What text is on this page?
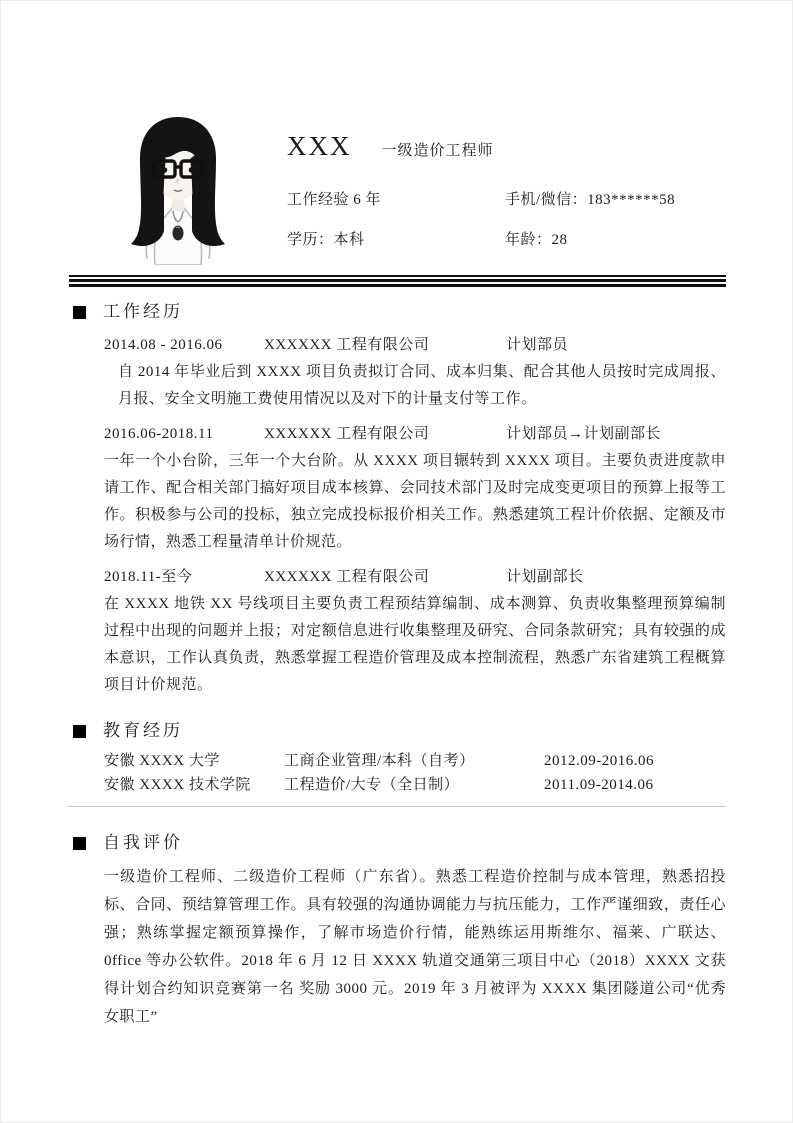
XXX 一级造价工程师
工作经验 6 年	手机/微信：183******58
学历：本科	年龄：28
工作经历
2014.08 - 2016.06	XXXXXX 工程有限公司	计划部员
自 2014 年毕业后到 XXXX 项目负责拟订合同、成本归集、配合其他人员按时完成周报、月报、安全文明施工费使用情况以及对下的计量支付等工作。
2016.06-2018.11	XXXXXX 工程有限公司	计划部员→计划副部长
一年一个小台阶，三年一个大台阶。从 XXXX 项目辗转到 XXXX 项目。主要负责进度款申请工作、配合相关部门搞好项目成本核算、会同技术部门及时完成变更项目的预算上报等工作。积极参与公司的投标，独立完成投标报价相关工作。熟悉建筑工程计价依据、定额及市场行情，熟悉工程量清单计价规范。
2018.11-至今	XXXXXX 工程有限公司	计划副部长
在 XXXX 地铁 XX 号线项目主要负责工程预结算编制、成本测算、负责收集整理预算编制过程中出现的问题并上报；对定额信息进行收集整理及研究、合同条款研究；具有较强的成本意识，工作认真负责，熟悉掌握工程造价管理及成本控制流程，熟悉广东省建筑工程概算项目计价规范。
教育经历
安徽 XXXX 大学	工商企业管理/本科（自考）	2012.09-2016.06
安徽 XXXX 技术学院	工程造价/大专（全日制）	2011.09-2014.06
自我评价
一级造价工程师、二级造价工程师（广东省）。熟悉工程造价控制与成本管理，熟悉招投标、合同、预结算管理工作。具有较强的沟通协调能力与抗压能力，工作严谨细致，责任心强；熟练掌握定额预算操作，了解市场造价行情，能熟练运用斯维尔、福莱、广联达、0ffice 等办公软件。2018 年 6 月 12 日 XXXX 轨道交通第三项目中心（2018）XXXX 文获得计划合约知识竞赛第一名 奖励 3000 元。2019 年 3 月被评为 XXXX 集团隧道公司“优秀女职工”
